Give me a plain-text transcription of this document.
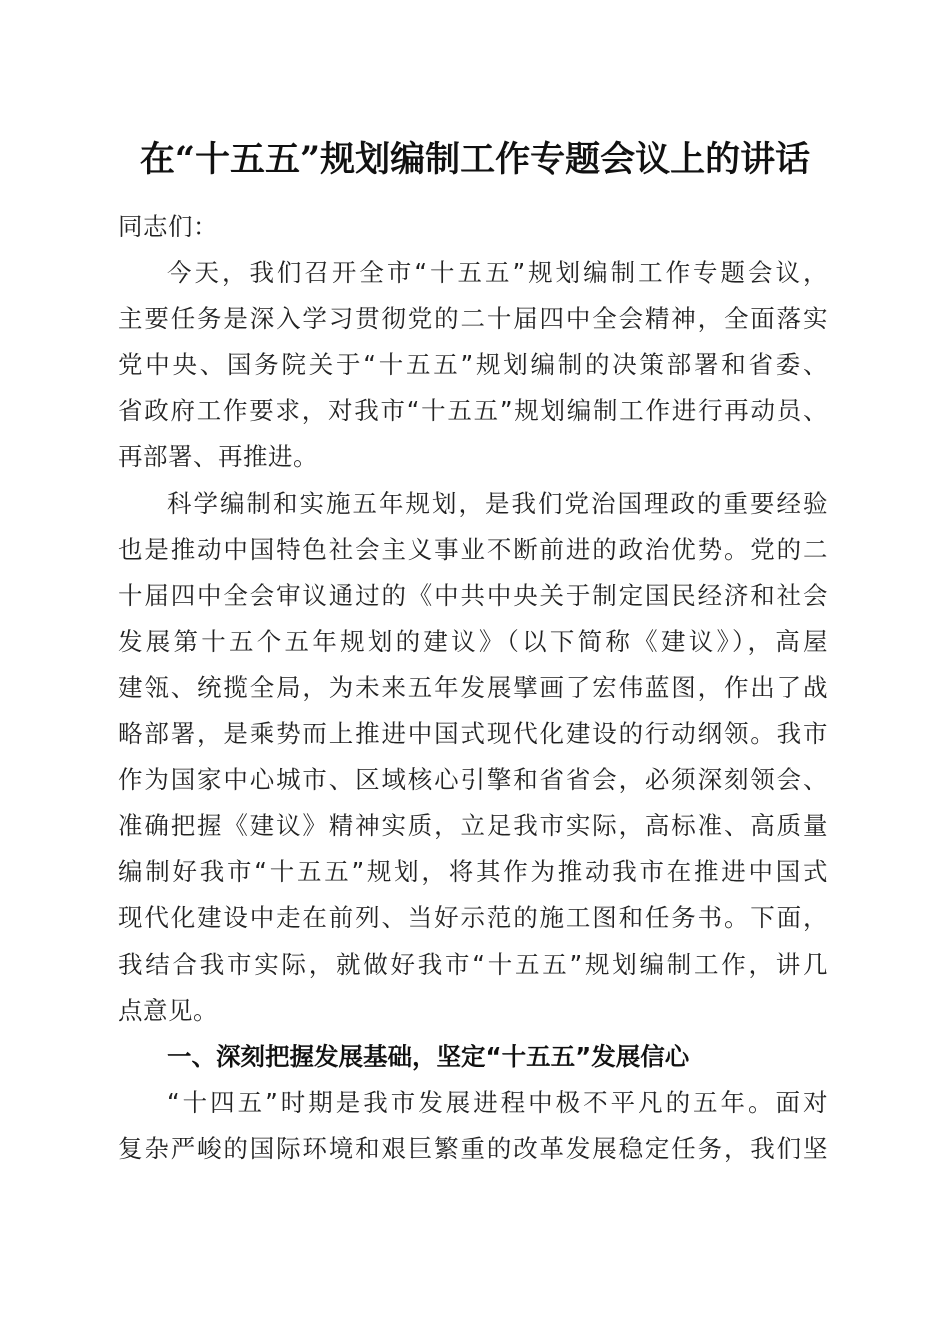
在“十五五”规划编制工作专题会议上的讲话
同志们：
今天，我们召开全市“十五五”规划编制工作专题会议，
主要任务是深入学习贯彻党的二十届四中全会精神，全面落实
党中央、国务院关于“十五五”规划编制的决策部署和省委、
省政府工作要求，对我市“十五五”规划编制工作进行再动员、
再部署、再推进。
科学编制和实施五年规划，是我们党治国理政的重要经验
也是推动中国特色社会主义事业不断前进的政治优势。党的二
十届四中全会审议通过的《中共中央关于制定国民经济和社会
发展第十五个五年规划的建议》（以下简称《建议》），高屋
建瓴、统揽全局，为未来五年发展擘画了宏伟蓝图，作出了战
略部署，是乘势而上推进中国式现代化建设的行动纲领。我市
作为国家中心城市、区域核心引擎和省省会，必须深刻领会、
准确把握《建议》精神实质，立足我市实际，高标准、高质量
编制好我市“十五五”规划，将其作为推动我市在推进中国式
现代化建设中走在前列、当好示范的施工图和任务书。下面，
我结合我市实际，就做好我市“十五五”规划编制工作，讲几
点意见。
一、深刻把握发展基础，坚定“十五五”发展信心
“十四五”时期是我市发展进程中极不平凡的五年。面对
复杂严峻的国际环境和艰巨繁重的改革发展稳定任务，我们坚
